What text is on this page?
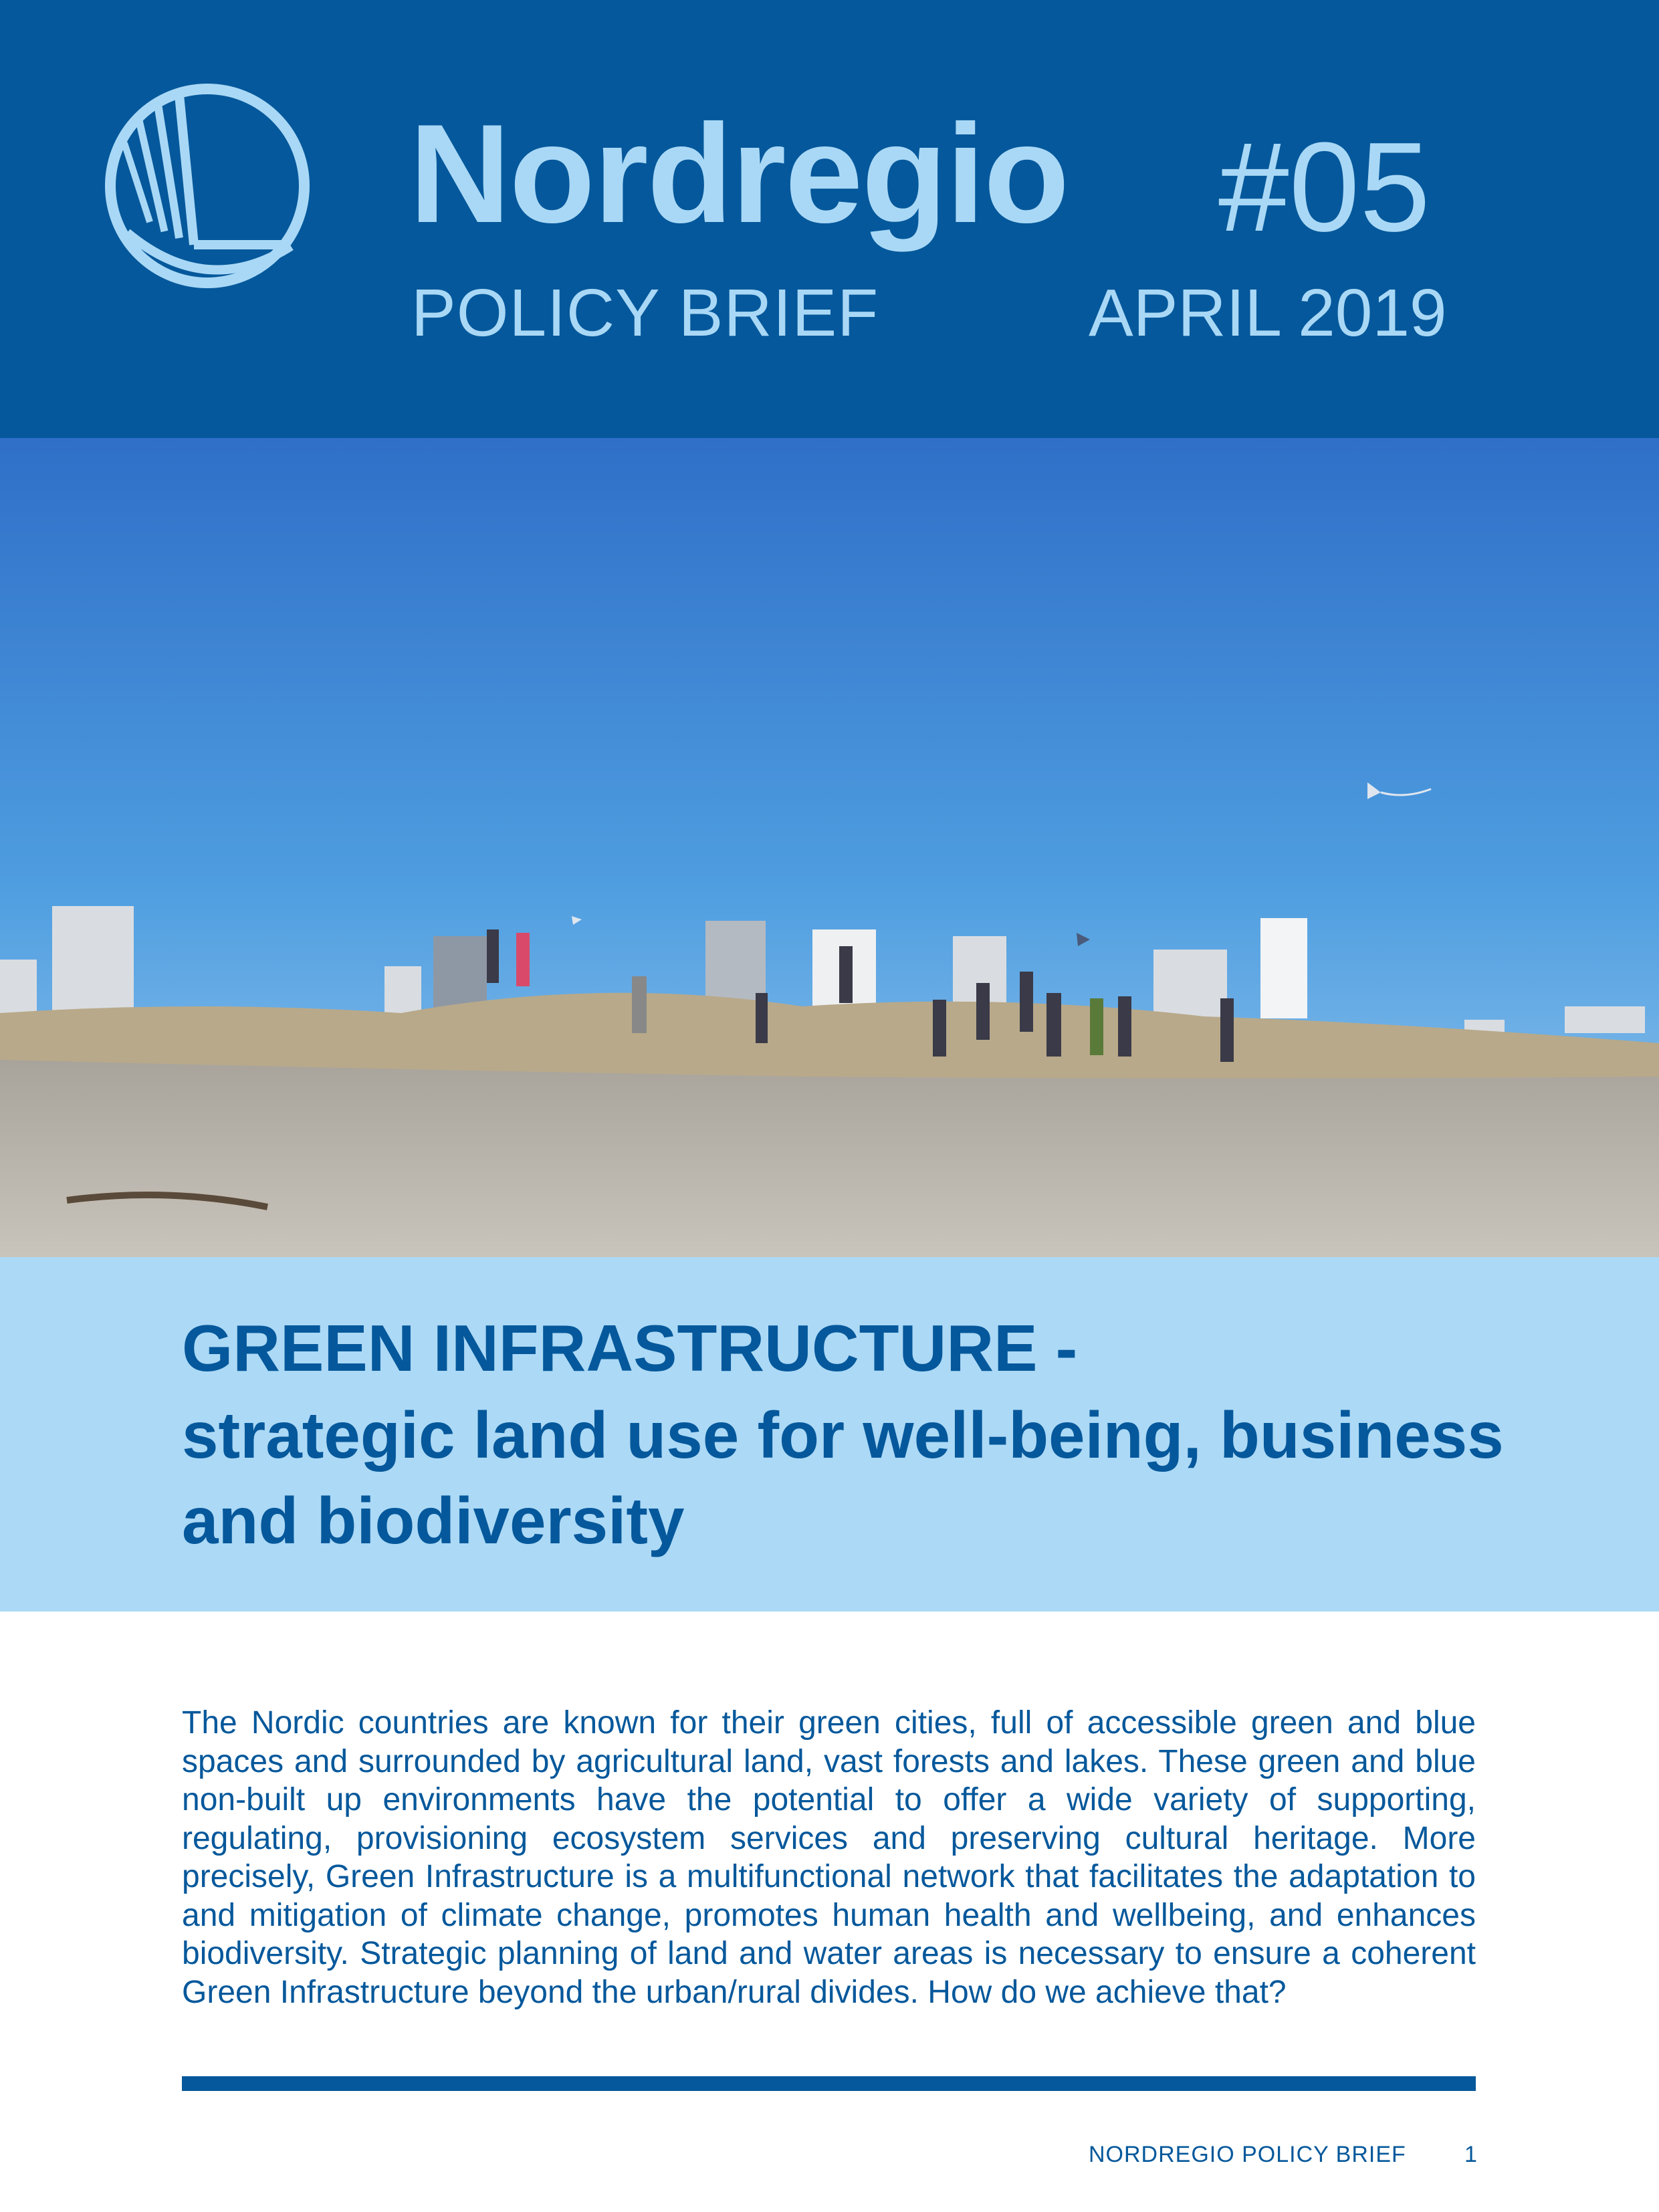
Nordregio #05
POLICY BRIEF	APRIL 2019
GREEN INFRASTRUCTURE -
strategic land use for well-being, business and biodiversity

The Nordic countries are known for their green cities, full of accessible green and blue spaces and surrounded by agricultural land, vast forests and lakes. These green and blue non-built up environments have the potential to offer a wide variety of supporting, regulating, provisioning ecosystem services and preserving cultural heritage. More precisely, Green Infrastructure is a multifunctional network that facilitates the adaptation to and mitigation of climate change, promotes human health and wellbeing, and enhances biodiversity. Strategic planning of land and water areas is necessary to ensure a coherent Green Infrastructure beyond the urban/rural divides. How do we achieve that?

NORDREGIO POLICY BRIEF	1
